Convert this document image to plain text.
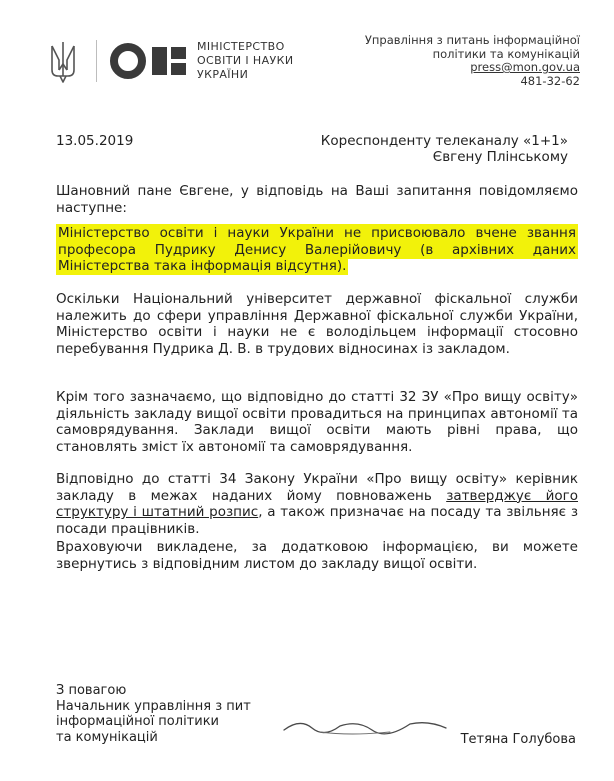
МІНІСТЕРСТВО
ОСВІТИ І НАУКИ
УКРАЇНИ
Управління з питань інформаційної
політики та комунікацій
press@mon.gov.ua
481-32-62
13.05.2019	Кореспонденту телеканалу «1+1»
Євгену Плінському
Шановний пане Євгене, у відповідь на Ваші запитання повідомляємо наступне:
Міністерство освіти і науки України не присвоювало вчене звання професора Пудрику Денису Валерійовичу (в архівних даних Міністерства така інформація відсутня).
Оскільки Національний університет державної фіскальної служби належить до сфери управління Державної фіскальної служби України, Міністерство освіти і науки не є володільцем інформації стосовно перебування Пудрика Д. В. в трудових відносинах із закладом.
Крім того зазначаємо, що відповідно до статті 32 ЗУ «Про вищу освіту» діяльність закладу вищої освіти провадиться на принципах автономії та самоврядування. Заклади вищої освіти мають рівні права, що становлять зміст їх автономії та самоврядування.
Відповідно до статті 34 Закону України «Про вищу освіту» керівник закладу в межах наданих йому повноважень затверджує його структуру і штатний розпис, а також призначає на посаду та звільняє з посади працівників.
Враховуючи викладене, за додатковою інформацією, ви можете звернутись з відповідним листом до закладу вищої освіти.
З повагою
Начальник управління з пит
інформаційної політики
та комунікацій	Тетяна Голубова
